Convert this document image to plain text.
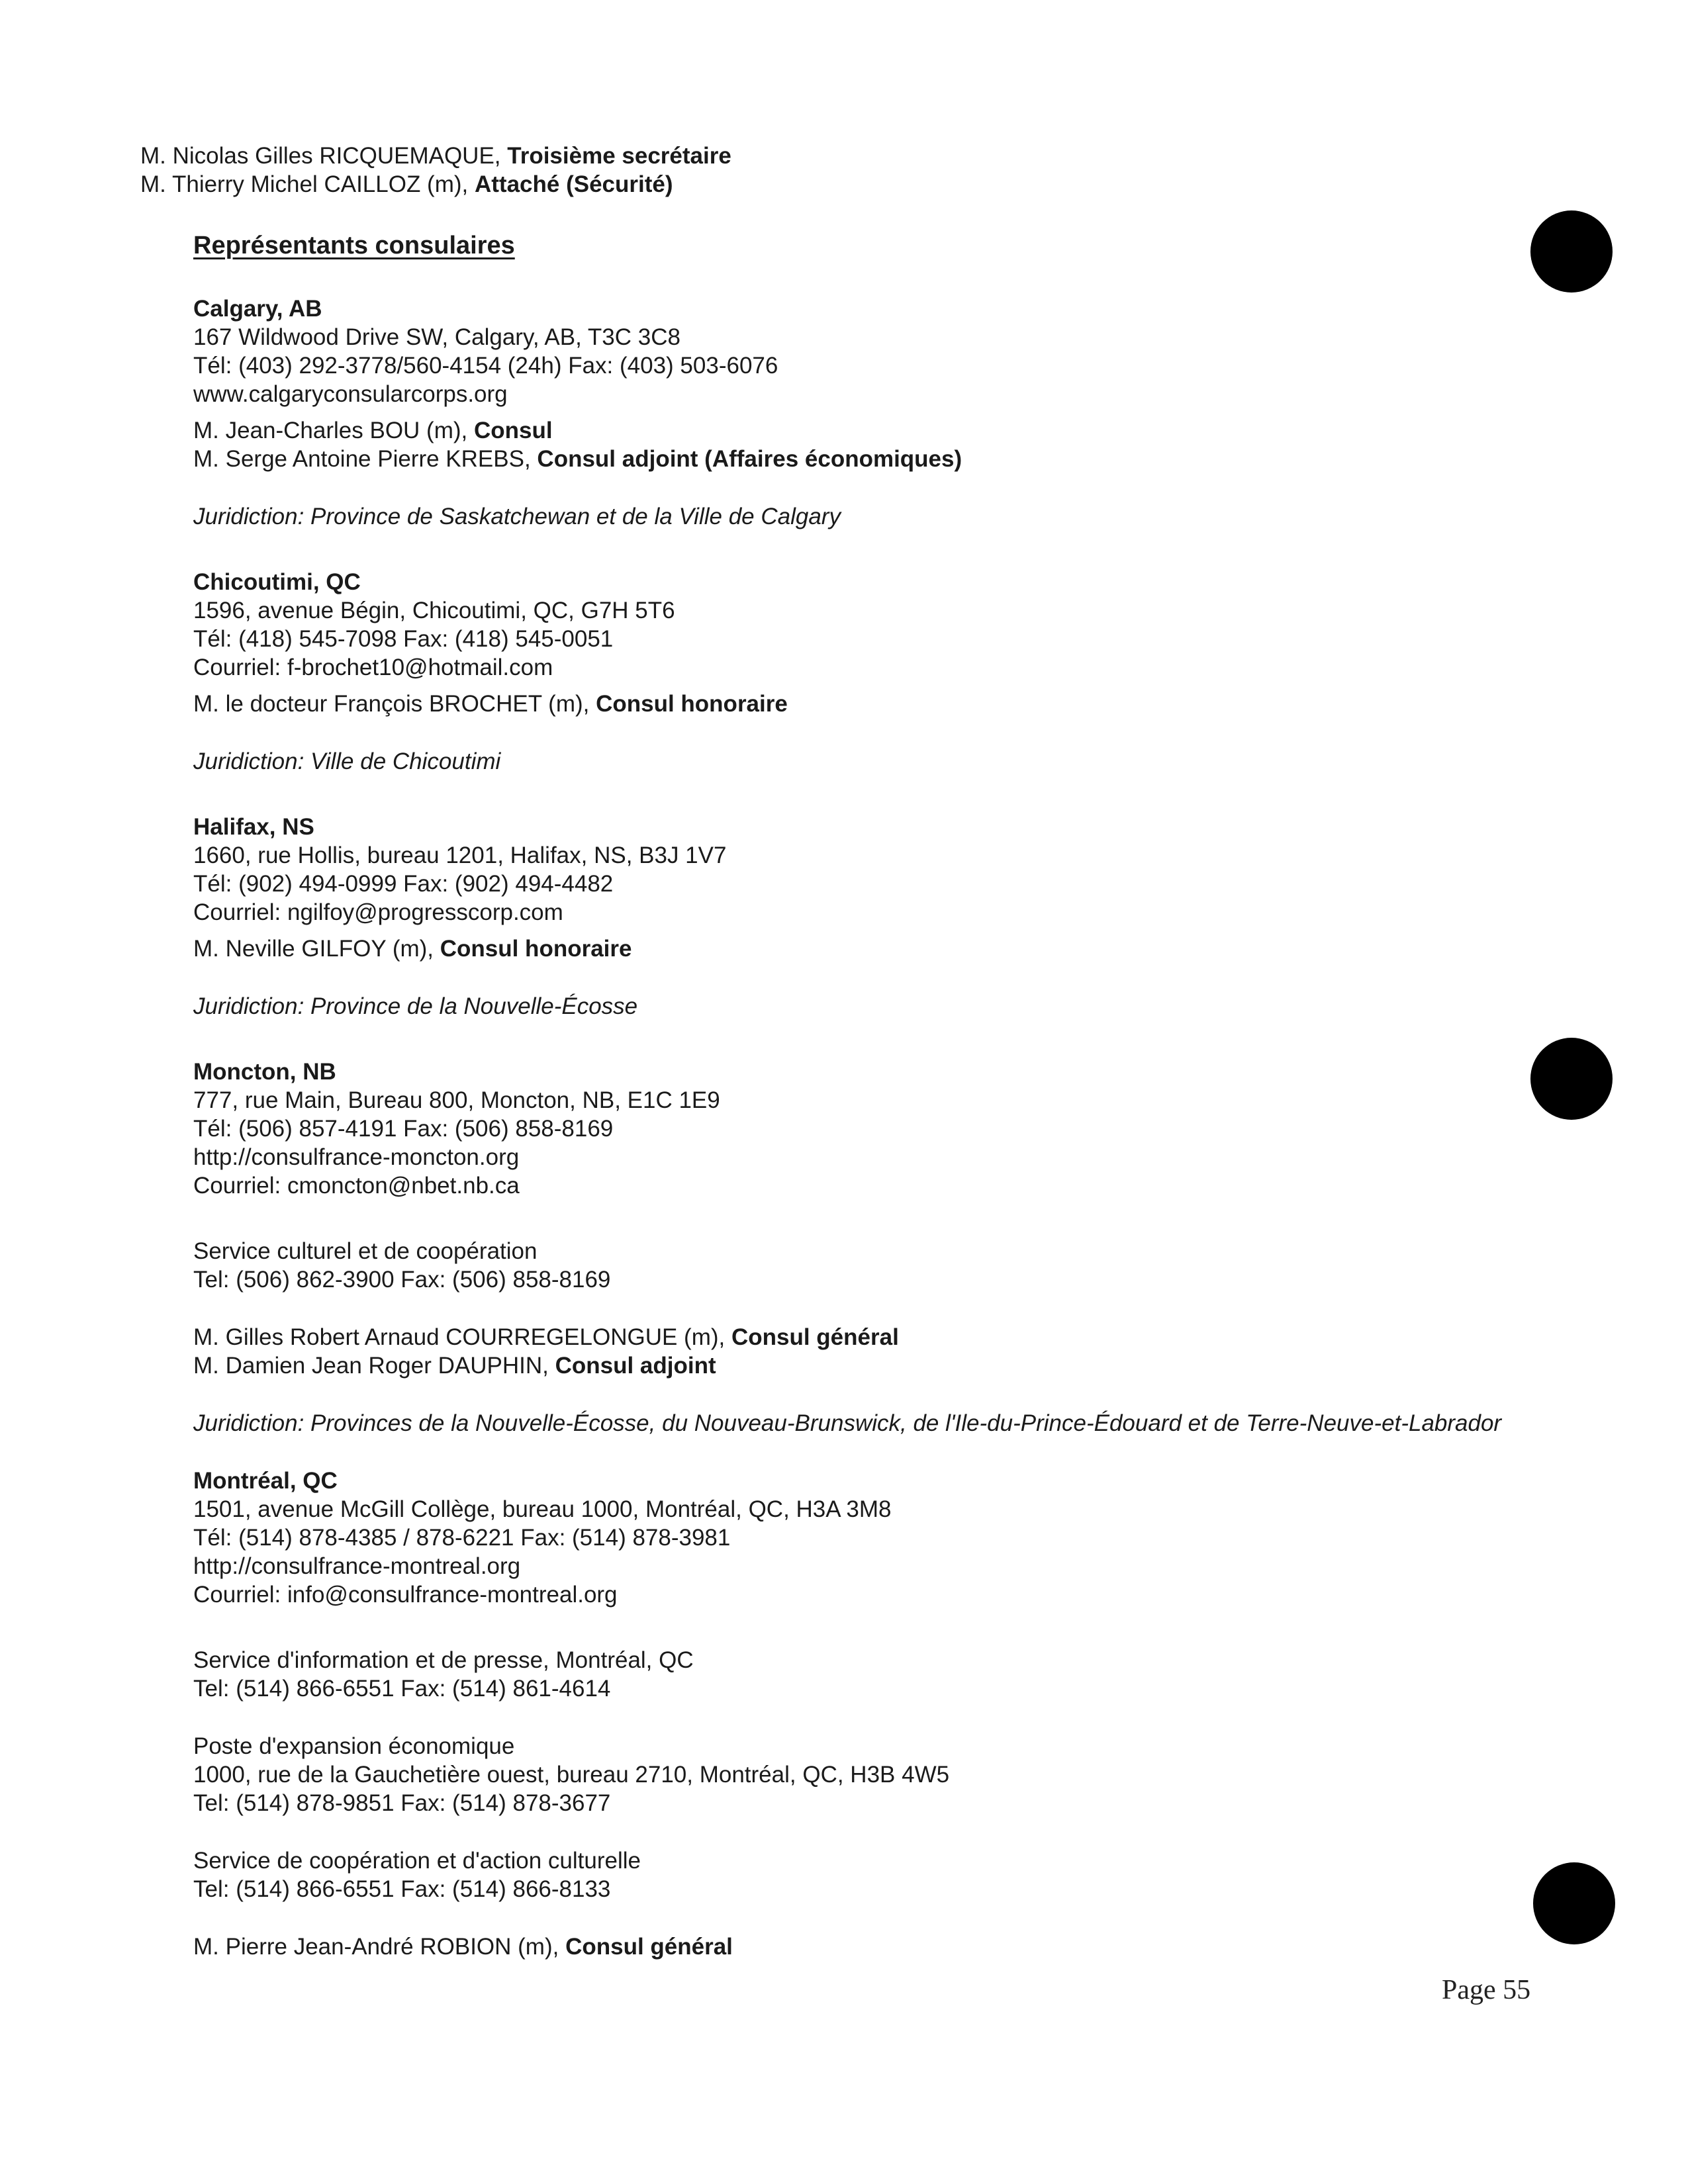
M. Nicolas Gilles RICQUEMAQUE, Troisième secrétaire
M. Thierry Michel CAILLOZ (m), Attaché (Sécurité)
Représentants consulaires
Calgary, AB
167 Wildwood Drive SW, Calgary, AB, T3C 3C8
Tél: (403) 292-3778/560-4154 (24h) Fax: (403) 503-6076
www.calgaryconsularcorps.org
M. Jean-Charles BOU (m), Consul
M. Serge Antoine Pierre KREBS, Consul adjoint (Affaires économiques)
Juridiction: Province de Saskatchewan et de la Ville de Calgary
Chicoutimi, QC
1596, avenue Bégin, Chicoutimi, QC, G7H 5T6
Tél: (418) 545-7098 Fax: (418) 545-0051
Courriel: f-brochet10@hotmail.com
M. le docteur François BROCHET (m), Consul honoraire
Juridiction: Ville de Chicoutimi
Halifax, NS
1660, rue Hollis, bureau 1201, Halifax, NS, B3J 1V7
Tél: (902) 494-0999 Fax: (902) 494-4482
Courriel: ngilfoy@progresscorp.com
M. Neville GILFOY (m), Consul honoraire
Juridiction: Province de la Nouvelle-Écosse
Moncton, NB
777, rue Main, Bureau 800, Moncton, NB, E1C 1E9
Tél: (506) 857-4191 Fax: (506) 858-8169
http://consulfrance-moncton.org
Courriel: cmoncton@nbet.nb.ca
Service culturel et de coopération
Tel: (506) 862-3900 Fax: (506) 858-8169
M. Gilles Robert Arnaud COURREGELONGUE (m), Consul général
M. Damien Jean Roger DAUPHIN, Consul adjoint
Juridiction: Provinces de la Nouvelle-Écosse, du Nouveau-Brunswick, de l'Ile-du-Prince-Édouard et de Terre-Neuve-et-Labrador
Montréal, QC
1501, avenue McGill Collège, bureau 1000, Montréal, QC, H3A 3M8
Tél: (514) 878-4385 / 878-6221 Fax: (514) 878-3981
http://consulfrance-montreal.org
Courriel: info@consulfrance-montreal.org
Service d'information et de presse, Montréal, QC
Tel: (514) 866-6551 Fax: (514) 861-4614
Poste d'expansion économique
1000, rue de la Gauchetière ouest, bureau 2710, Montréal, QC, H3B 4W5
Tel: (514) 878-9851 Fax: (514) 878-3677
Service de coopération et d'action culturelle
Tel: (514) 866-6551 Fax: (514) 866-8133
M. Pierre Jean-André ROBION (m), Consul général
Page 55
